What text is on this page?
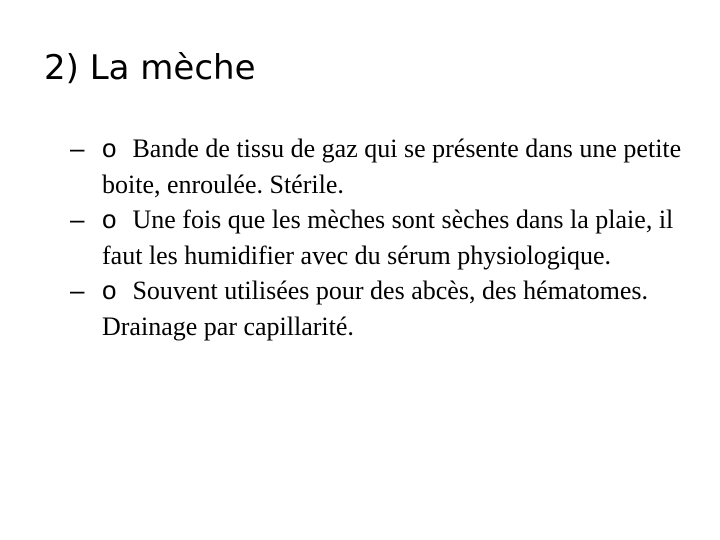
2) La mèche
– o Bande de tissu de gaz qui se présente dans une petite boite, enroulée. Stérile.
– o Une fois que les mèches sont sèches dans la plaie, il faut les humidifier avec du sérum physiologique.
– o Souvent utilisées pour des abcès, des hématomes. Drainage par capillarité.
